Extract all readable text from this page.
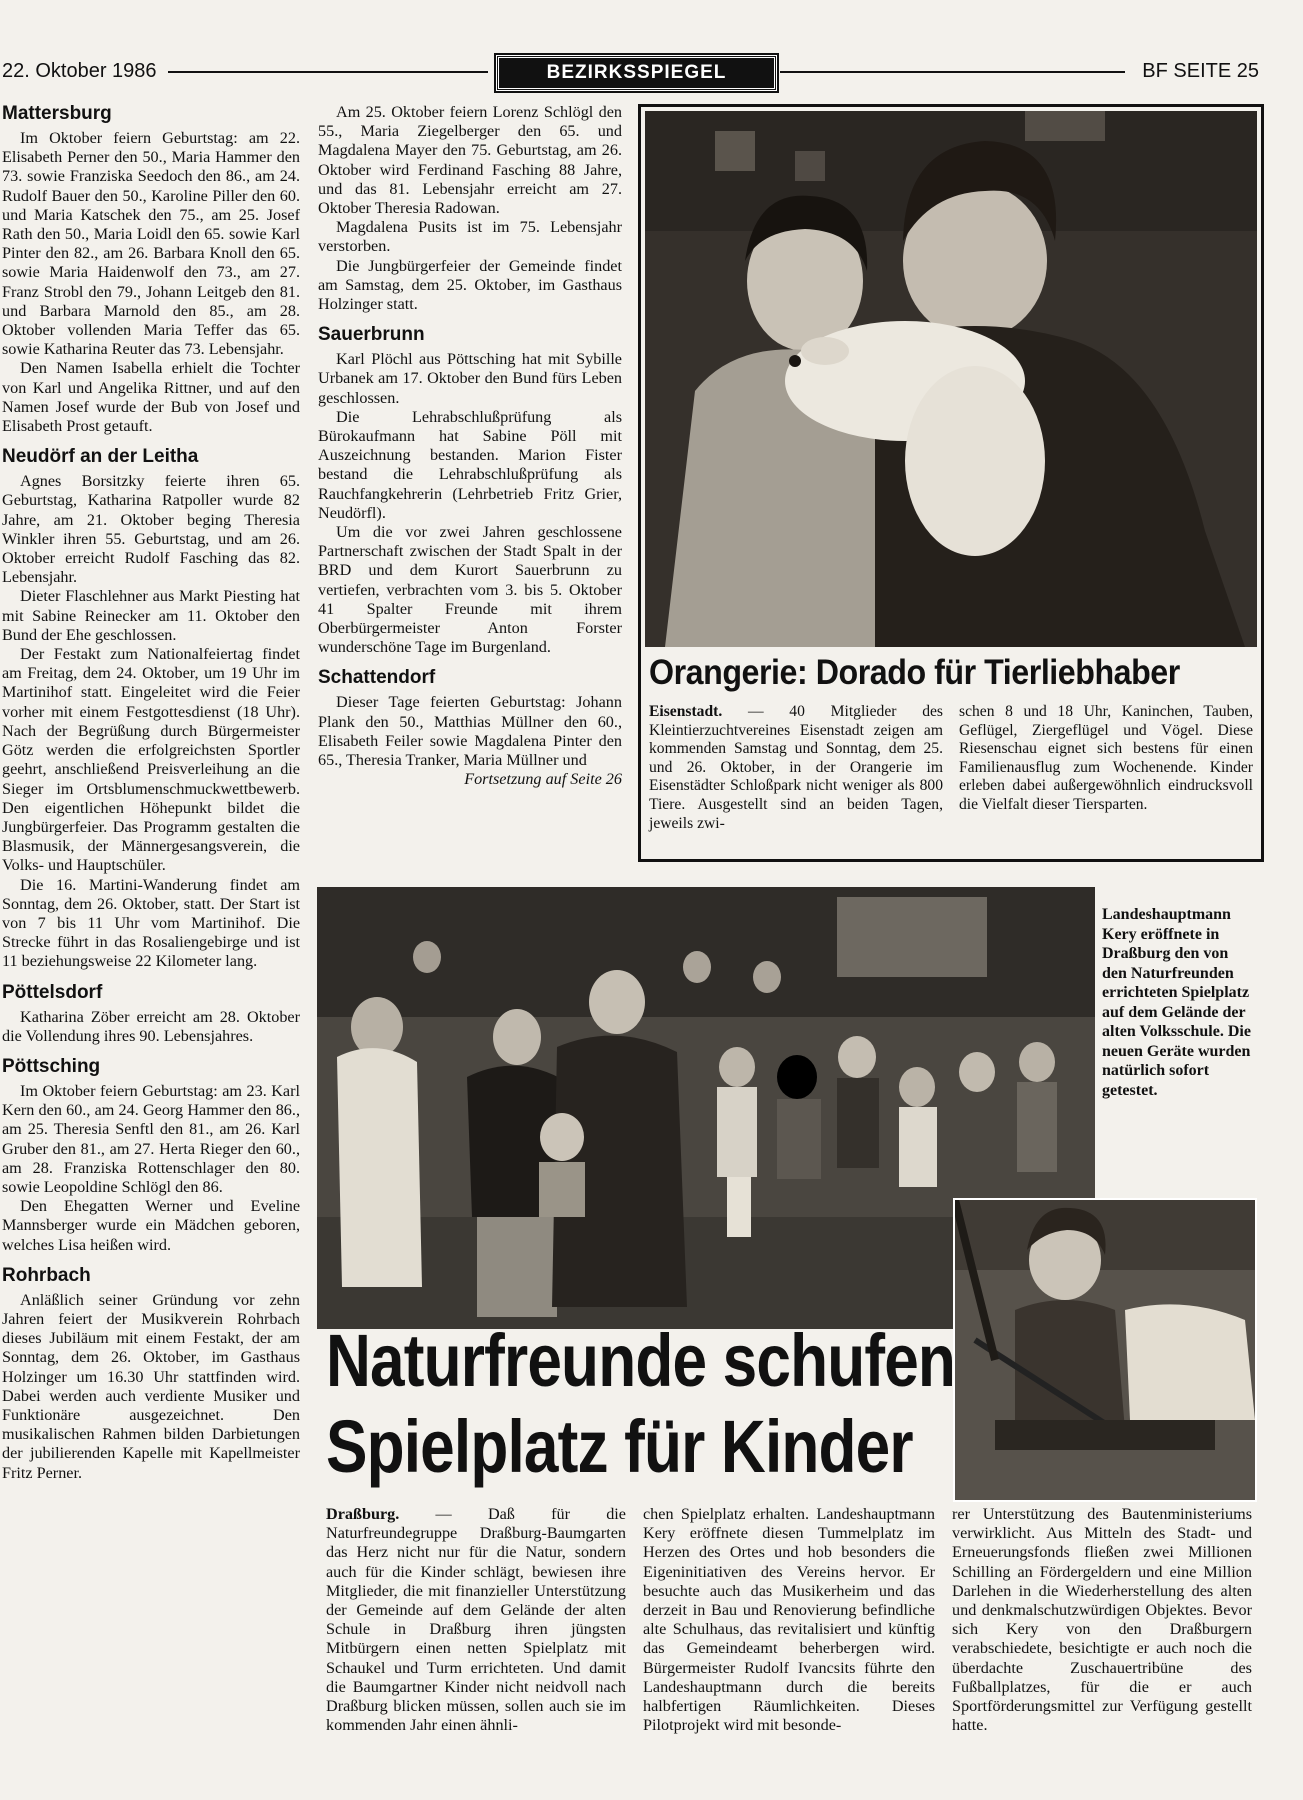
22. Oktober 1986	BEZIRKSSPIEGEL	BF SEITE 25
Mattersburg

Im Oktober feiern Geburtstag: am 22. Elisabeth Perner den 50., Maria Hammer den 73. sowie Franziska Seedoch den 86., am 24. Rudolf Bauer den 50., Karoline Piller den 60. und Maria Katschek den 75., am 25. Josef Rath den 50., Maria Loidl den 65. sowie Karl Pinter den 82., am 26. Barbara Knoll den 65. sowie Maria Haidenwolf den 73., am 27. Franz Strobl den 79., Johann Leitgeb den 81. und Barbara Marnold den 85., am 28. Oktober vollenden Maria Teffer das 65. sowie Katharina Reuter das 73. Lebensjahr.

Den Namen Isabella erhielt die Tochter von Karl und Angelika Rittner, und auf den Namen Josef wurde der Bub von Josef und Elisabeth Prost getauft.

Neudörf an der Leitha

Agnes Borsitzky feierte ihren 65. Geburtstag, Katharina Ratpoller wurde 82 Jahre, am 21. Oktober beging Theresia Winkler ihren 55. Geburtstag, und am 26. Oktober erreicht Rudolf Fasching das 82. Lebensjahr.

Dieter Flaschlehner aus Markt Piesting hat mit Sabine Reinecker am 11. Oktober den Bund der Ehe geschlossen.

Der Festakt zum Nationalfeiertag findet am Freitag, dem 24. Oktober, um 19 Uhr im Martinihof statt. Eingeleitet wird die Feier vorher mit einem Festgottesdienst (18 Uhr). Nach der Begrüßung durch Bürgermeister Götz werden die erfolgreichsten Sportler geehrt, anschließend Preisverleihung an die Sieger im Ortsblumenschmuckwettbewerb. Den eigentlichen Höhepunkt bildet die Jungbürgerfeier. Das Programm gestalten die Blasmusik, der Männergesangsverein, die Volks- und Hauptschüler.

Die 16. Martini-Wanderung findet am Sonntag, dem 26. Oktober, statt. Der Start ist von 7 bis 11 Uhr vom Martinihof. Die Strecke führt in das Rosaliengebirge und ist 11 beziehungsweise 22 Kilometer lang.

Pöttelsdorf

Katharina Zöber erreicht am 28. Oktober die Vollendung ihres 90. Lebensjahres.

Pöttsching

Im Oktober feiern Geburtstag: am 23. Karl Kern den 60., am 24. Georg Hammer den 86., am 25. Theresia Senftl den 81., am 26. Karl Gruber den 81., am 27. Herta Rieger den 60., am 28. Franziska Rottenschlager den 80. sowie Leopoldine Schlögl den 86.

Den Ehegatten Werner und Eveline Mannsberger wurde ein Mädchen geboren, welches Lisa heißen wird.

Rohrbach

Anläßlich seiner Gründung vor zehn Jahren feiert der Musikverein Rohrbach dieses Jubiläum mit einem Festakt, der am Sonntag, dem 26. Oktober, im Gasthaus Holzinger um 16.30 Uhr stattfinden wird. Dabei werden auch verdiente Musiker und Funktionäre ausgezeichnet. Den musikalischen Rahmen bilden Darbietungen der jubilierenden Kapelle mit Kapellmeister Fritz Perner.

Am 25. Oktober feiern Lorenz Schlögl den 55., Maria Ziegelberger den 65. und Magdalena Mayer den 75. Geburtstag, am 26. Oktober wird Ferdinand Fasching 88 Jahre, und das 81. Lebensjahr erreicht am 27. Oktober Theresia Radowan.

Magdalena Pusits ist im 75. Lebensjahr verstorben.

Die Jungbürgerfeier der Gemeinde findet am Samstag, dem 25. Oktober, im Gasthaus Holzinger statt.

Sauerbrunn

Karl Plöchl aus Pöttsching hat mit Sybille Urbanek am 17. Oktober den Bund fürs Leben geschlossen.

Die Lehrabschlußprüfung als Bürokaufmann hat Sabine Pöll mit Auszeichnung bestanden. Marion Fister bestand die Lehrabschlußprüfung als Rauchfangkehrerin (Lehrbetrieb Fritz Grier, Neudörfl).

Um die vor zwei Jahren geschlossene Partnerschaft zwischen der Stadt Spalt in der BRD und dem Kurort Sauerbrunn zu vertiefen, verbrachten vom 3. bis 5. Oktober 41 Spalter Freunde mit ihrem Oberbürgermeister Anton Forster wunderschöne Tage im Burgenland.

Schattendorf

Dieser Tage feierten Geburtstag: Johann Plank den 50., Matthias Müllner den 60., Elisabeth Feiler sowie Magdalena Pinter den 65., Theresia Tranker, Maria Müllner und

Fortsetzung auf Seite 26
Orangerie: Dorado für Tierliebhaber
Eisenstadt. — 40 Mitglieder des Kleintierzuchtvereines Eisenstadt zeigen am kommenden Samstag und Sonntag, dem 25. und 26. Oktober, in der Orangerie im Eisenstädter Schloßpark nicht weniger als 800 Tiere. Ausgestellt sind an beiden Tagen, jeweils zwi-
schen 8 und 18 Uhr, Kaninchen, Tauben, Geflügel, Ziergeflügel und Vögel. Diese Riesenschau eignet sich bestens für einen Familienausflug zum Wochenende. Kinder erleben dabei außergewöhnlich eindrucksvoll die Vielfalt dieser Tiersparten.
Landeshauptmann Kery eröffnete in Draßburg den von den Naturfreunden errichteten Spielplatz auf dem Gelände der alten Volksschule. Die neuen Geräte wurden natürlich sofort getestet.
Naturfreunde schufen
Spielplatz für Kinder
Draßburg. — Daß für die Naturfreundegruppe Draßburg-Baumgarten das Herz nicht nur für die Natur, sondern auch für die Kinder schlägt, bewiesen ihre Mitglieder, die mit finanzieller Unterstützung der Gemeinde auf dem Gelände der alten Schule in Draßburg ihren jüngsten Mitbürgern einen netten Spielplatz mit Schaukel und Turm errichteten. Und damit die Baumgartner Kinder nicht neidvoll nach Draßburg blicken müssen, sollen auch sie im kommenden Jahr einen ähnli-
chen Spielplatz erhalten. Landeshauptmann Kery eröffnete diesen Tummelplatz im Herzen des Ortes und hob besonders die Eigeninitiativen des Vereins hervor. Er besuchte auch das Musikerheim und das derzeit in Bau und Renovierung befindliche alte Schulhaus, das revitalisiert und künftig das Gemeindeamt beherbergen wird. Bürgermeister Rudolf Ivancsits führte den Landeshauptmann durch die bereits halbfertigen Räumlichkeiten. Dieses Pilotprojekt wird mit besonde-
rer Unterstützung des Bautenministeriums verwirklicht. Aus Mitteln des Stadt- und Erneuerungsfonds fließen zwei Millionen Schilling an Fördergeldern und eine Million Darlehen in die Wiederherstellung des alten und denkmalschutzwürdigen Objektes. Bevor sich Kery von den Draßburgern verabschiedete, besichtigte er auch noch die überdachte Zuschauertribüne des Fußballplatzes, für die er auch Sportförderungsmittel zur Verfügung gestellt hatte.
